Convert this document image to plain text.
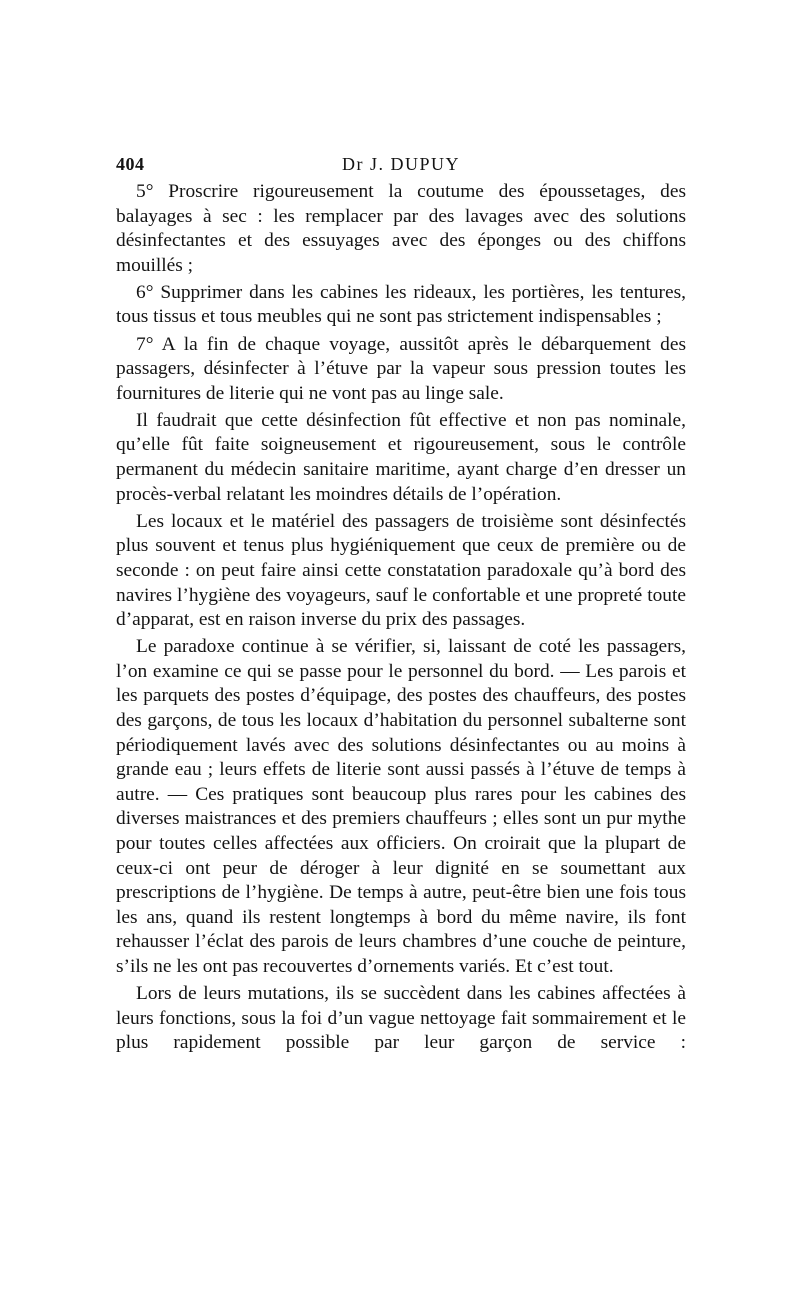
404	Dr J. DUPUY

5° Proscrire rigoureusement la coutume des époussetages, des balayages à sec : les remplacer par des lavages avec des solutions désinfectantes et des essuyages avec des éponges ou des chiffons mouillés ;

6° Supprimer dans les cabines les rideaux, les portières, les tentures, tous tissus et tous meubles qui ne sont pas strictement indispensables ;

7° A la fin de chaque voyage, aussitôt après le débarquement des passagers, désinfecter à l’étuve par la vapeur sous pression toutes les fournitures de literie qui ne vont pas au linge sale.

Il faudrait que cette désinfection fût effective et non pas nominale, qu’elle fût faite soigneusement et rigoureusement, sous le contrôle permanent du médecin sanitaire maritime, ayant charge d’en dresser un procès-verbal relatant les moindres détails de l’opération.

Les locaux et le matériel des passagers de troisième sont désinfectés plus souvent et tenus plus hygiéniquement que ceux de première ou de seconde : on peut faire ainsi cette constatation paradoxale qu’à bord des navires l’hygiène des voyageurs, sauf le confortable et une propreté toute d’apparat, est en raison inverse du prix des passages.

Le paradoxe continue à se vérifier, si, laissant de coté les passagers, l’on examine ce qui se passe pour le personnel du bord. — Les parois et les parquets des postes d’équipage, des postes des chauffeurs, des postes des garçons, de tous les locaux d’habitation du personnel subalterne sont périodiquement lavés avec des solutions désinfectantes ou au moins à grande eau ; leurs effets de literie sont aussi passés à l’étuve de temps à autre. — Ces pratiques sont beaucoup plus rares pour les cabines des diverses maistrances et des premiers chauffeurs ; elles sont un pur mythe pour toutes celles affectées aux officiers. On croirait que la plupart de ceux-ci ont peur de déroger à leur dignité en se soumettant aux prescriptions de l’hygiène. De temps à autre, peut-être bien une fois tous les ans, quand ils restent longtemps à bord du même navire, ils font rehausser l’éclat des parois de leurs chambres d’une couche de peinture, s’ils ne les ont pas recouvertes d’ornements variés. Et c’est tout.

Lors de leurs mutations, ils se succèdent dans les cabines affectées à leurs fonctions, sous la foi d’un vague nettoyage fait sommairement et le plus rapidement possible par leur garçon de service :
